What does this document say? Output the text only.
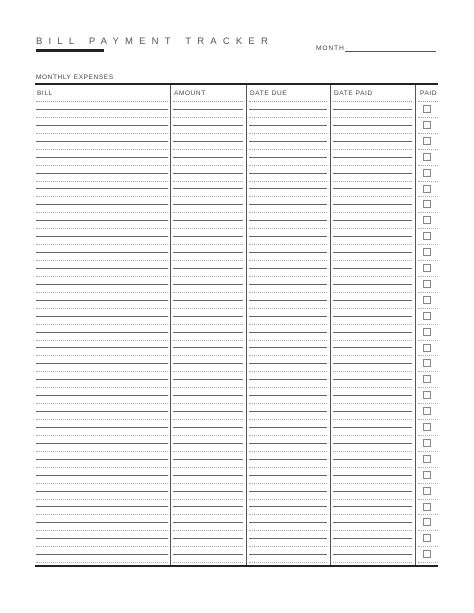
BILL PAYMENT TRACKER
MONTH
MONTHLY EXPENSES
BILL	AMOUNT	DATE DUE	DATE PAID	PAID
